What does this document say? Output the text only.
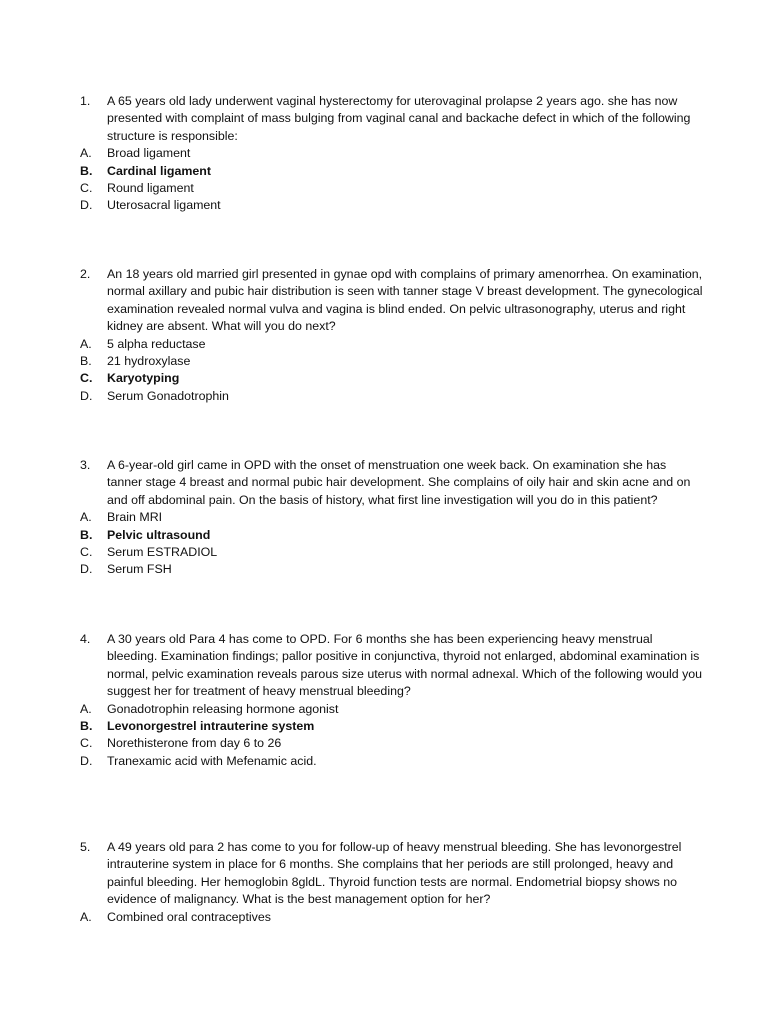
1.	A 65 years old lady underwent vaginal hysterectomy for uterovaginal prolapse 2 years ago. she has now presented with complaint of mass bulging from vaginal canal and backache defect in which of the following structure is responsible:
A.	Broad ligament
B.	Cardinal ligament
C.	Round ligament
D.	Uterosacral ligament
2.	An 18 years old married girl presented in gynae opd with complains of primary amenorrhea. On examination, normal axillary and pubic hair distribution is seen with tanner stage V breast development. The gynecological examination revealed normal vulva and vagina is blind ended. On pelvic ultrasonography, uterus and right kidney are absent. What will you do next?
A.	5 alpha reductase
B.	21 hydroxylase
C.	Karyotyping
D.	Serum Gonadotrophin
3.	A 6-year-old girl came in OPD with the onset of menstruation one week back. On examination she has tanner stage 4 breast and normal pubic hair development. She complains of oily hair and skin acne and on and off abdominal pain. On the basis of history, what first line investigation will you do in this patient?
A.	Brain MRI
B.	Pelvic ultrasound
C.	Serum ESTRADIOL
D.	Serum FSH
4.	A 30 years old Para 4 has come to OPD. For 6 months she has been experiencing heavy menstrual bleeding. Examination findings; pallor positive in conjunctiva, thyroid not enlarged, abdominal examination is normal, pelvic examination reveals parous size uterus with normal adnexal. Which of the following would you suggest her for treatment of heavy menstrual bleeding?
A.	Gonadotrophin releasing hormone agonist
B.	Levonorgestrel intrauterine system
C.	Norethisterone from day 6 to 26
D.	Tranexamic acid with Mefenamic acid.
5.	A 49 years old para 2 has come to you for follow-up of heavy menstrual bleeding. She has levonorgestrel intrauterine system in place for 6 months. She complains that her periods are still prolonged, heavy and painful bleeding. Her hemoglobin 8gldL. Thyroid function tests are normal. Endometrial biopsy shows no evidence of malignancy. What is the best management option for her?
A.	Combined oral contraceptives
